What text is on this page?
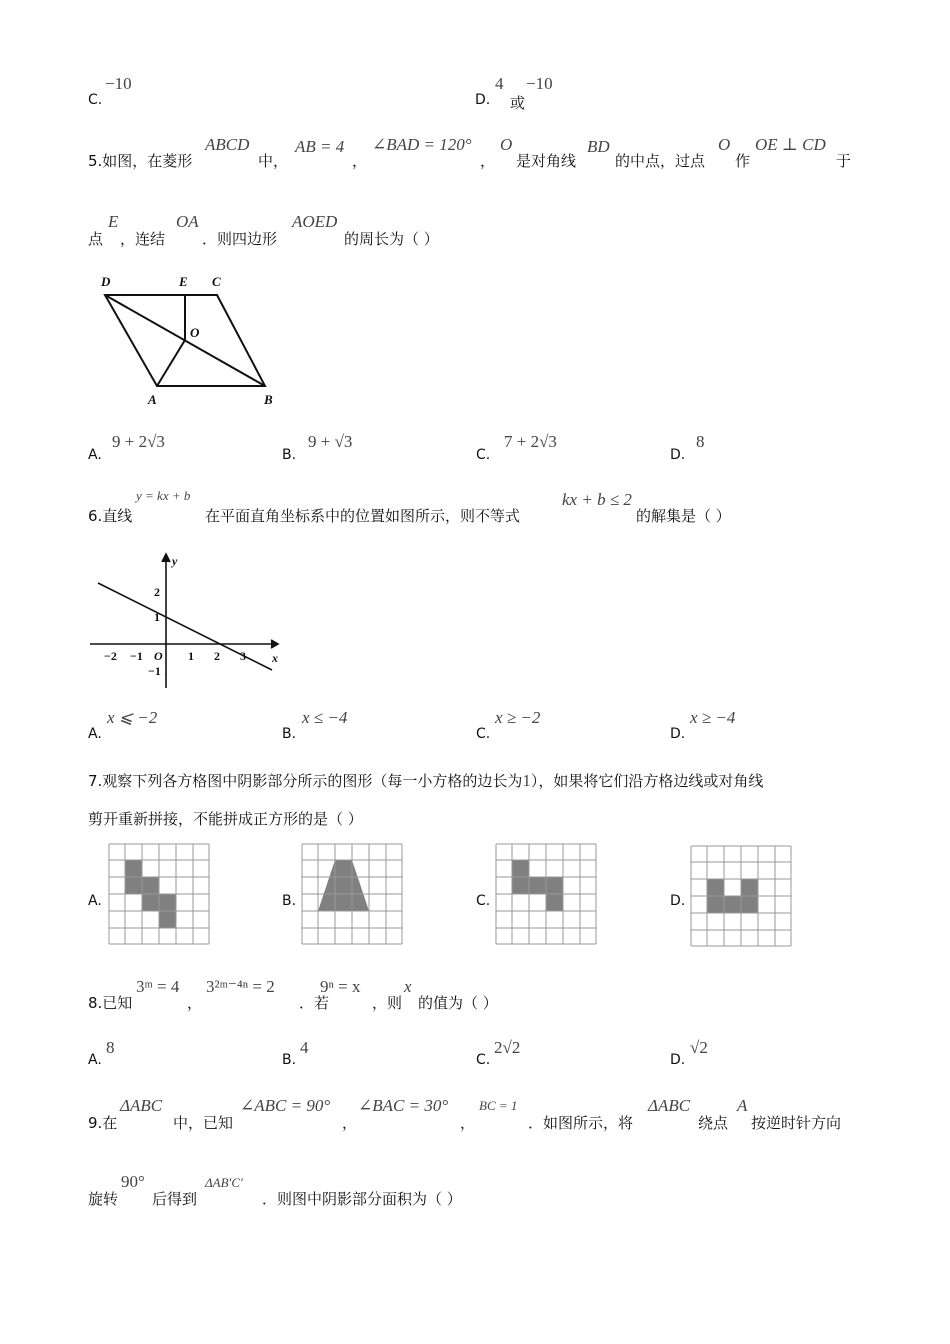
C.
−10
D.
4
或
−10
5.如图，在菱形
ABCD
中，
AB = 4
，
∠BAD = 120°
，
O
是对角线
BD
的中点，过点
O
作
OE ⊥ CD
于
点
E
，连结
OA
．则四边形
AOED
的周长为（ ）
D	E C
O
A	B
A.
9 + 2√3
B.
9 + √3
C.
7 + 2√3
D.
8
6.直线
y = kx + b
在平面直角坐标系中的位置如图所示，则不等式
kx + b ≤ 2
的解集是（ ）
y
x
−2 −1 O 1 2 3
2
1
−1
A.
x ⩽ −2
B.
x ≤ −4
C.
x ≥ −2
D.
x ≥ −4
7.观察下列各方格图中阴影部分所示的图形（每一小方格的边长为1），如果将它们沿方格边线或对角线
剪开重新拼接，不能拼成正方形的是（ ）
A.	B.	C.	D.
8.已知
3ᵐ = 4
，
3²ᵐ⁻⁴ⁿ = 2
．若
9ⁿ = x
，则
x
的值为（ ）
A.
8
B.
4
C.
2√2
D.
√2
9.在
ΔABC
中，已知
∠ABC = 90°
，
∠BAC = 30°
，
BC = 1
．如图所示，将
ΔABC
绕点
A
按逆时针方向
旋转
90°
后得到
ΔAB′C′
．则图中阴影部分面积为（ ）
